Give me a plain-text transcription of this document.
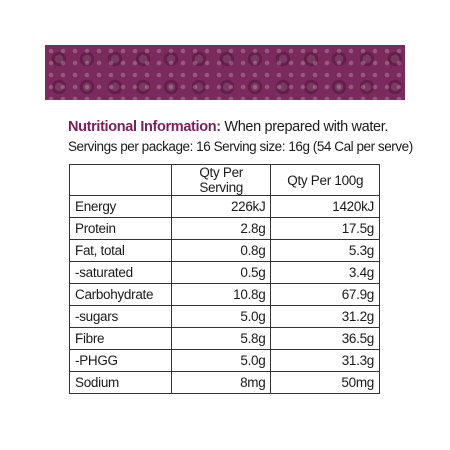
Nutritional Information: When prepared with water.
Servings per package: 16 Serving size: 16g (54 Cal per serve)
	Qty Per Serving	Qty Per 100g
Energy	226kJ	1420kJ
Protein	2.8g	17.5g
Fat, total	0.8g	5.3g
-saturated	0.5g	3.4g
Carbohydrate	10.8g	67.9g
-sugars	5.0g	31.2g
Fibre	5.8g	36.5g
-PHGG	5.0g	31.3g
Sodium	8mg	50mg
